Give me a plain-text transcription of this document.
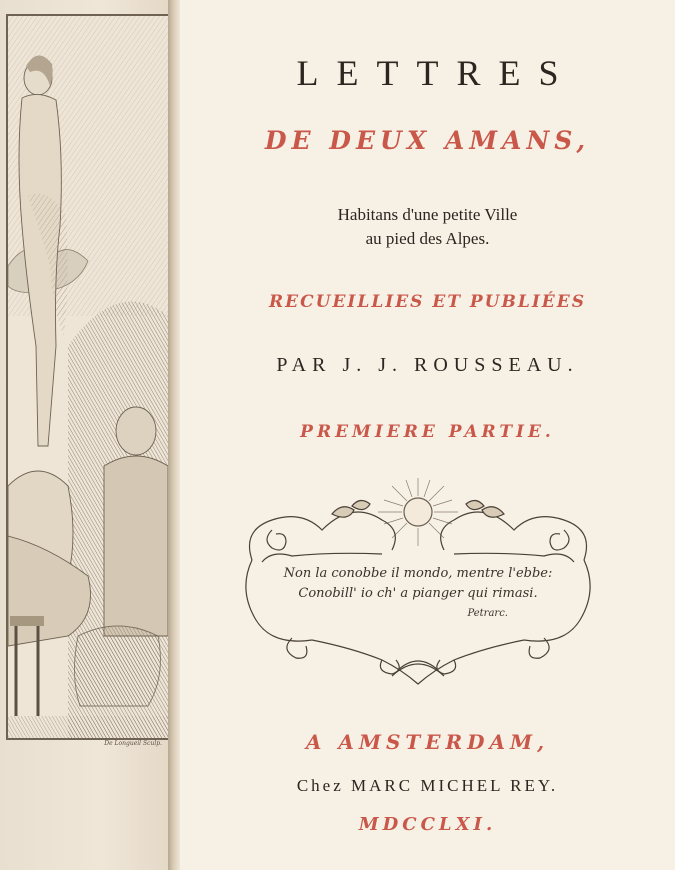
De Longueil Sculp.
LETTRES
DE DEUX AMANS,
Habitans d'une petite Ville
au pied des Alpes.
RECUEILLIES ET PUBLIÉES
PAR J. J. ROUSSEAU.
PREMIERE PARTIE.
Non la conobbe il mondo, mentre l'ebbe:
Conobill' io ch' a pianger qui rimasi.
Petrarc.
A AMSTERDAM,
Chez MARC MICHEL REY.
MDCCLXI.
